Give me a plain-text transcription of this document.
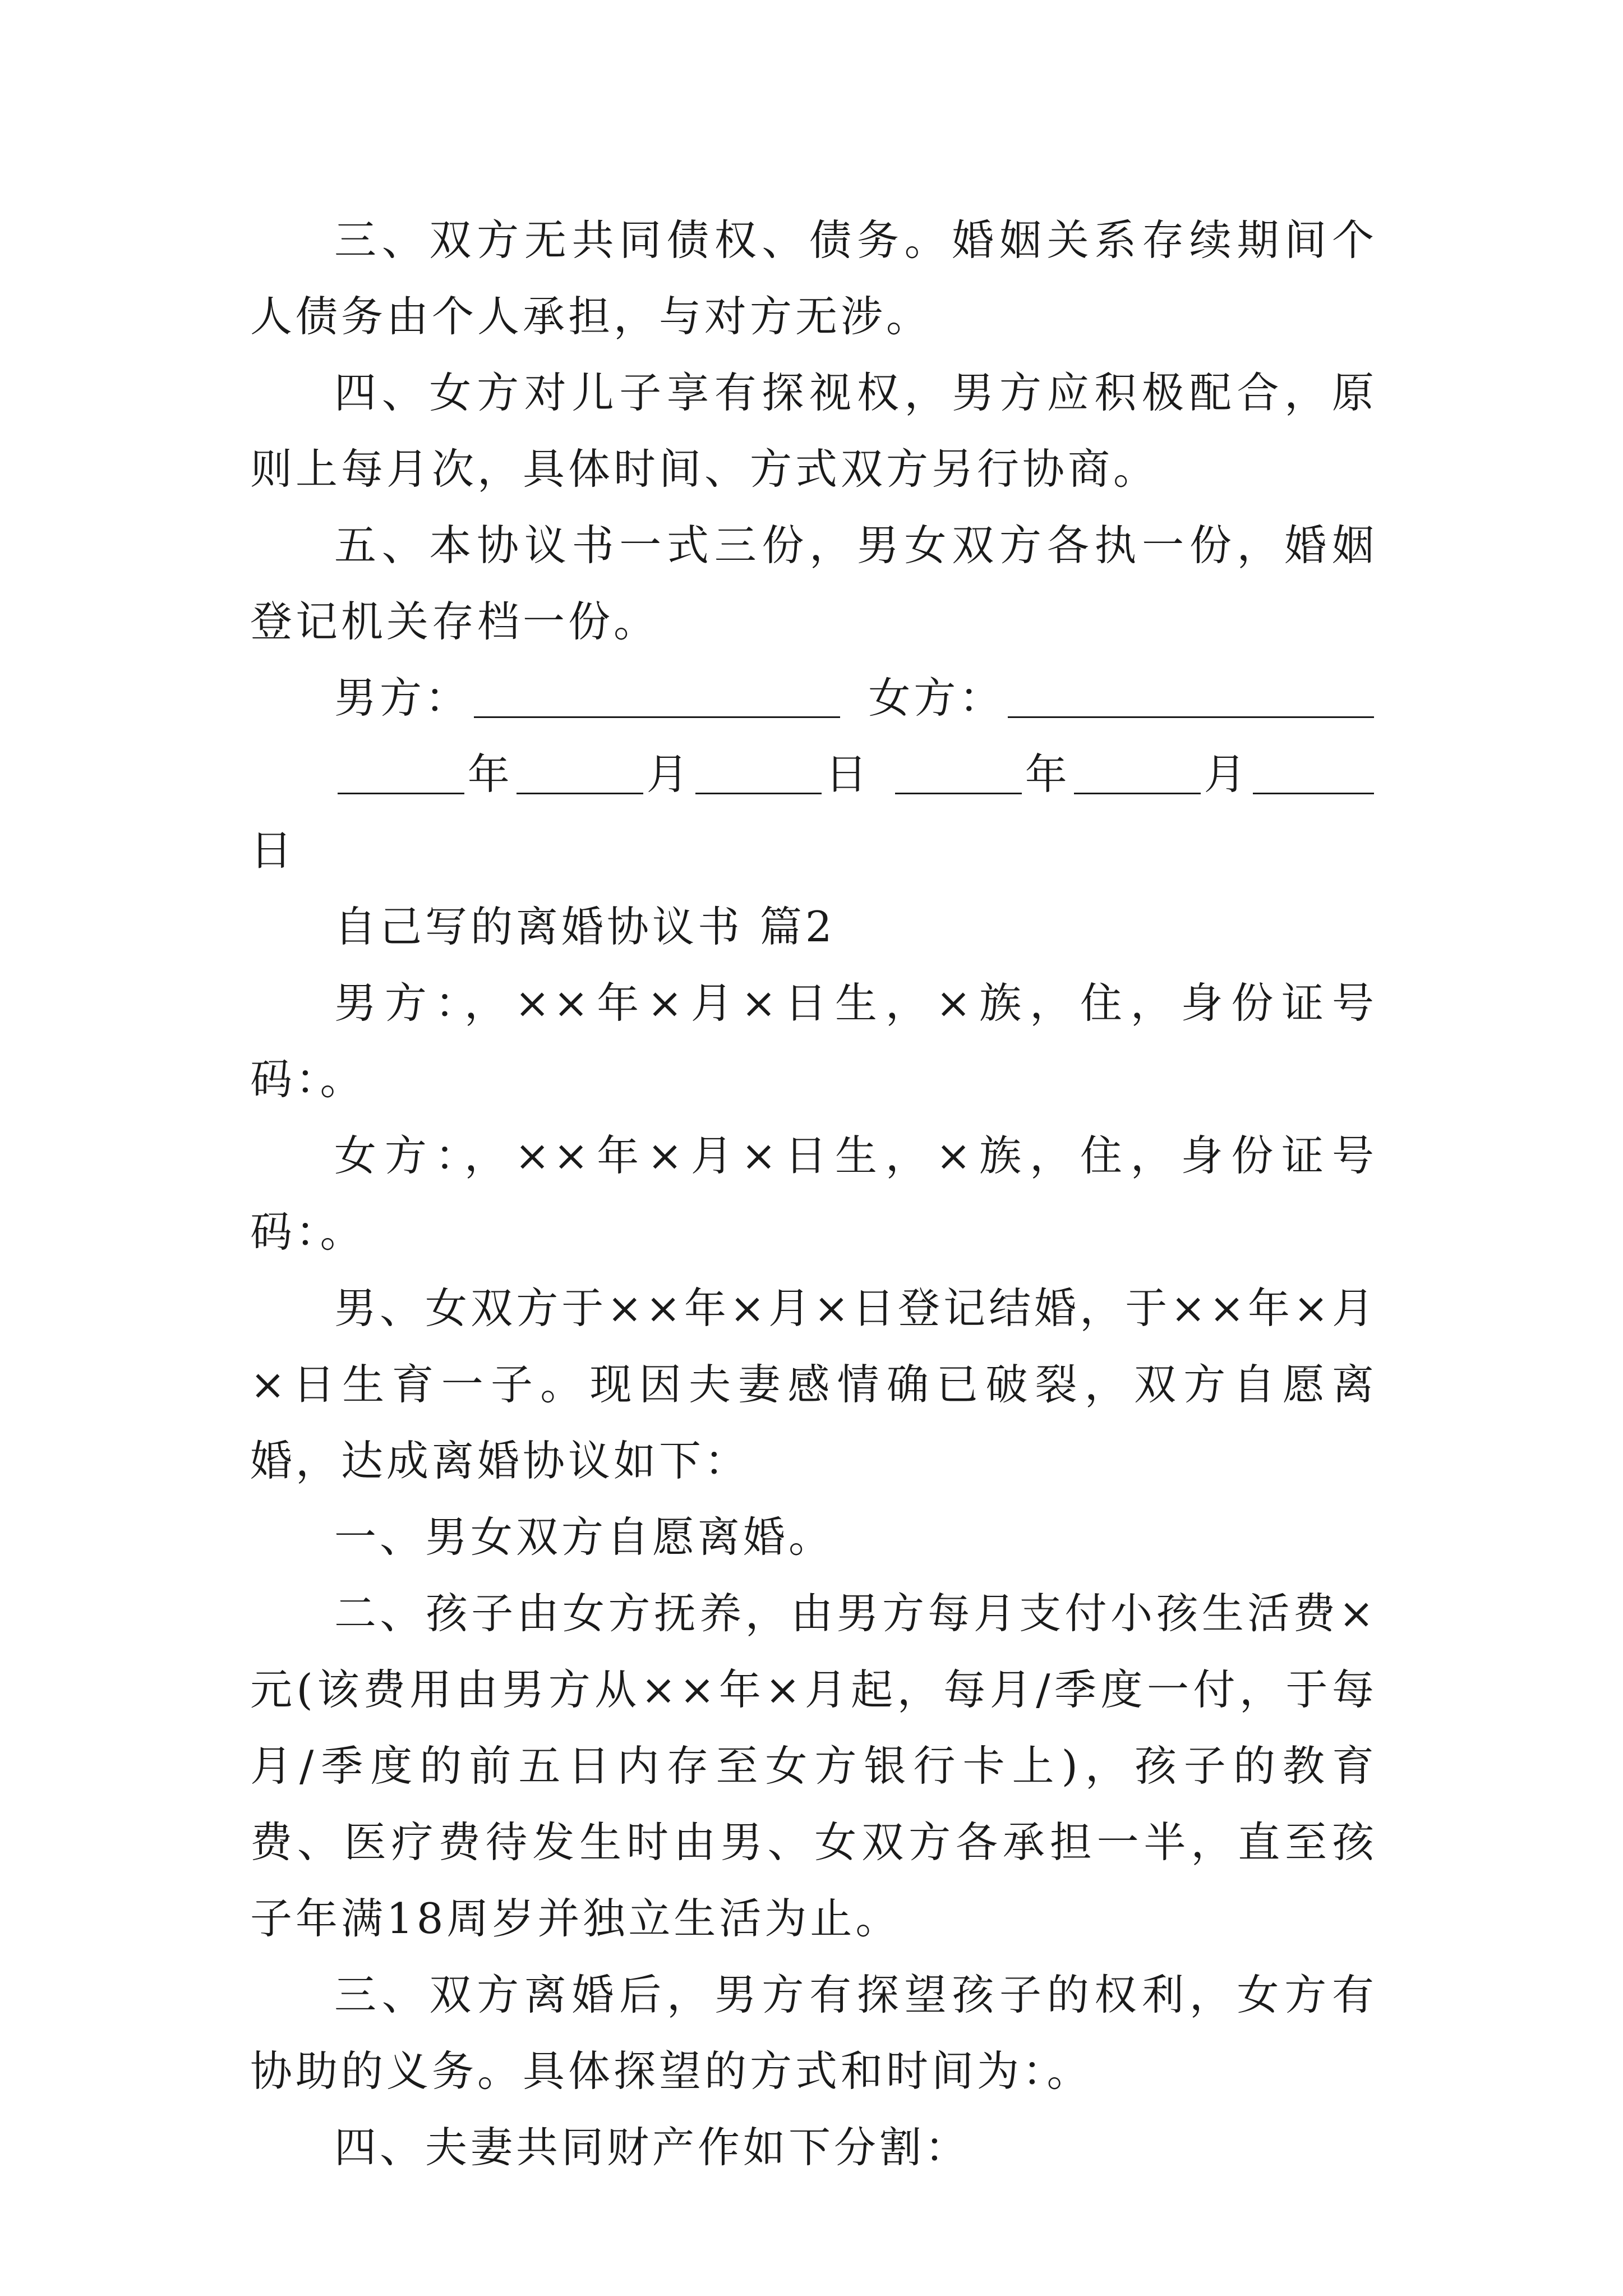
三、双方无共同债权、债务。婚姻关系存续期间个人债务由个人承担，与对方无涉。

四、女方对儿子享有探视权，男方应积极配合，原则上每月次，具体时间、方式双方另行协商。

五、本协议书一式三份，男女双方各执一份，婚姻登记机关存档一份。

男方：	女方：
年	月	日	年	月

日

自己写的离婚协议书 篇2

男方：，××年×月×日生，×族，住，身份证号码：。

女方：，××年×月×日生，×族，住，身份证号码：。

男、女双方于××年×月×日登记结婚，于××年×月×日生育一子。现因夫妻感情确已破裂，双方自愿离婚，达成离婚协议如下：

一、男女双方自愿离婚。

二、孩子由女方抚养，由男方每月支付小孩生活费×元(该费用由男方从××年×月起，每月/季度一付，于每月/季度的前五日内存至女方银行卡上)，孩子的教育费、医疗费待发生时由男、女双方各承担一半，直至孩子年满18周岁并独立生活为止。

三、双方离婚后，男方有探望孩子的权利，女方有协助的义务。具体探望的方式和时间为：。

四、夫妻共同财产作如下分割：
